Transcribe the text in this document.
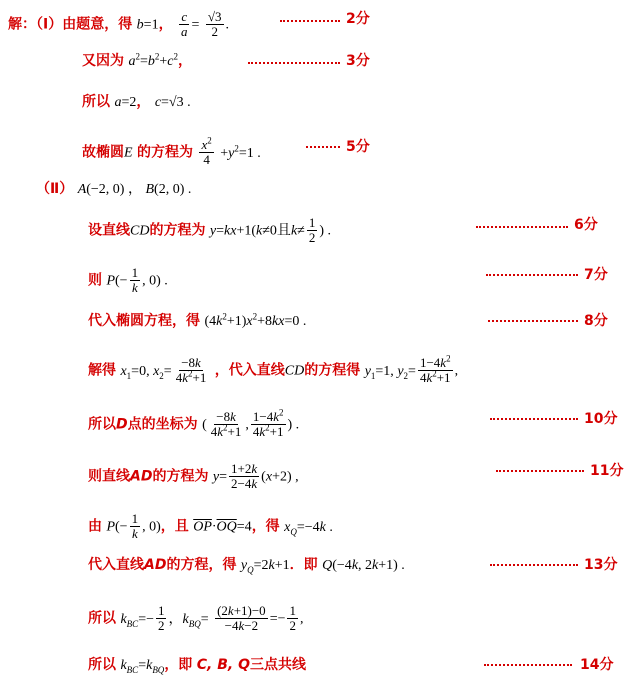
解：（Ⅰ）由题意，得 b=1， $\frac{c}{a} = \frac{√3}{2}$ .	2分
又因为 $a^2=b^2+c^2$，	3分
所以 a=2， c=√3 .
故椭圆E 的方程为 $\frac{x^2}{4} +y^2=1$ .	5分
（Ⅱ） A(−2, 0) ， B(2, 0) .
设直线CD的方程为 y=kx+1(k≠0且$k\ne \frac{1}{2}$ ) .	6分
则 $P(- \frac{1}{k}$ , 0) .	7分
代入椭圆方程，得 $(4k^2+1)x^2+8kx=0$ .	8分
解得 $x_1=0$, $x_2= \frac{-8k}{4k^2+1}$ ，代入直线CD的方程得 $y_1=1$, $y_2= \frac{1-4k^2}{4k^2+1}$ ,
所以D点的坐标为 ( $\frac{-8k}{4k^2+1}$ , $\frac{1-4k^2}{4k^2+1}$ ) .	10分
则直线AD的方程为 $y= \frac{1+2k}{2-4k} (x+2)$ ,	11分
由 $P(- \frac{1}{k}$ , 0)，且 $\overline{OP}\cdot\overline{OQ}=4$，得 $x_Q=-4k$ .
代入直线AD的方程，得 $y_Q=2k+1$．即 Q(−4k, 2k+1) .	13分
所以 $k_{BC}=- \frac{1}{2}$ ，$k_{BQ}= \frac{(2k+1)-0}{-4k-2} =- \frac{1}{2}$ ,
所以 $k_{BC}=k_{BQ}$，即 C, B, Q三点共线	14分
